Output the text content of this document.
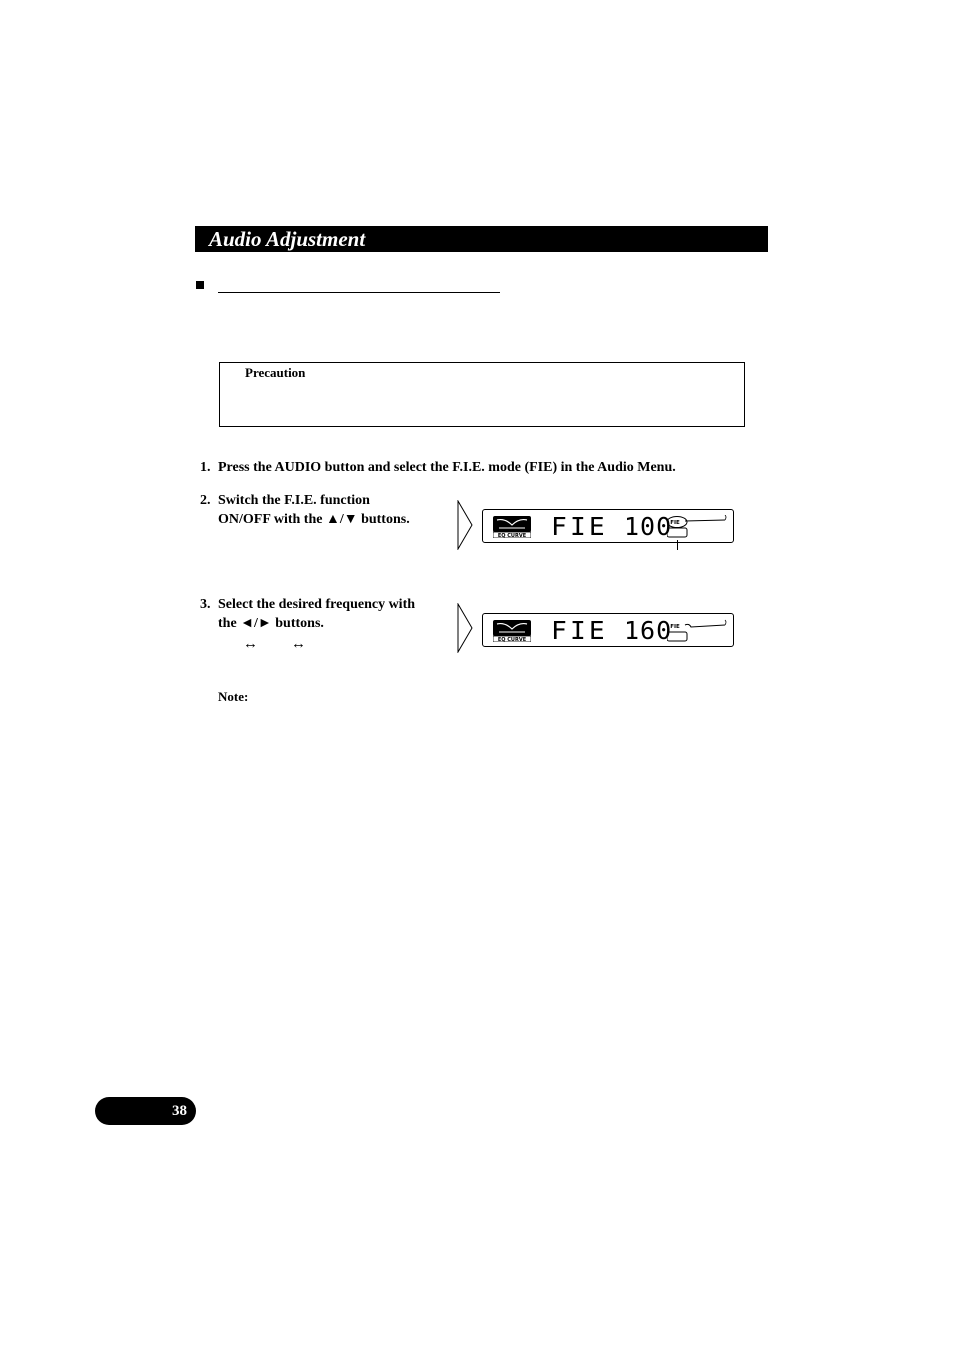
Audio Adjustment
Precaution
1. Press the AUDIO button and select the F.I.E. mode (FIE) in the Audio Menu.
2. Switch the F.I.E. function
ON/OFF with the ▲/▼ buttons.
3. Select the desired frequency with
the ◄/► buttons.
↔ ↔
EQ CURVE FIE 100
FIE
EQ CURVE FIE 160
FIE
Note:
38
